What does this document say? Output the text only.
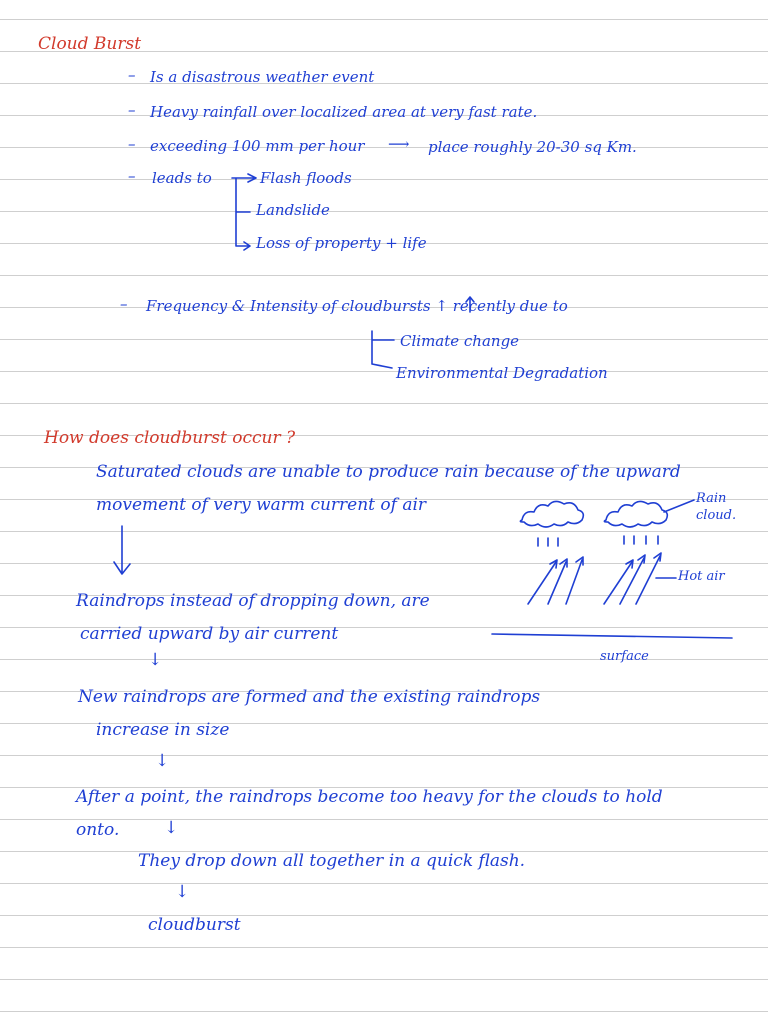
Cloud Burst
– Is a disastrous weather event
– Heavy rainfall over localized area at very fast rate.
– exceeding 100 mm per hour ⟶ place roughly 20-30 sq Km.
– leads to	Flash floods
Landslide
Loss of property + life
– Frequency & Intensity of cloudbursts ↑ recently due to
Climate change
Environmental Degradation
How does cloudburst occur ?
Saturated clouds are unable to produce rain because of the upward
movement of very warm current of air
Raindrops instead of dropping down, are
carried upward by air current
↓
New raindrops are formed and the existing raindrops
increase in size
↓
After a point, the raindrops become too heavy for the clouds to hold
onto.	↓
They drop down all together in a quick flash.
↓
cloudburst
Rain
cloud.
Hot air
surface
